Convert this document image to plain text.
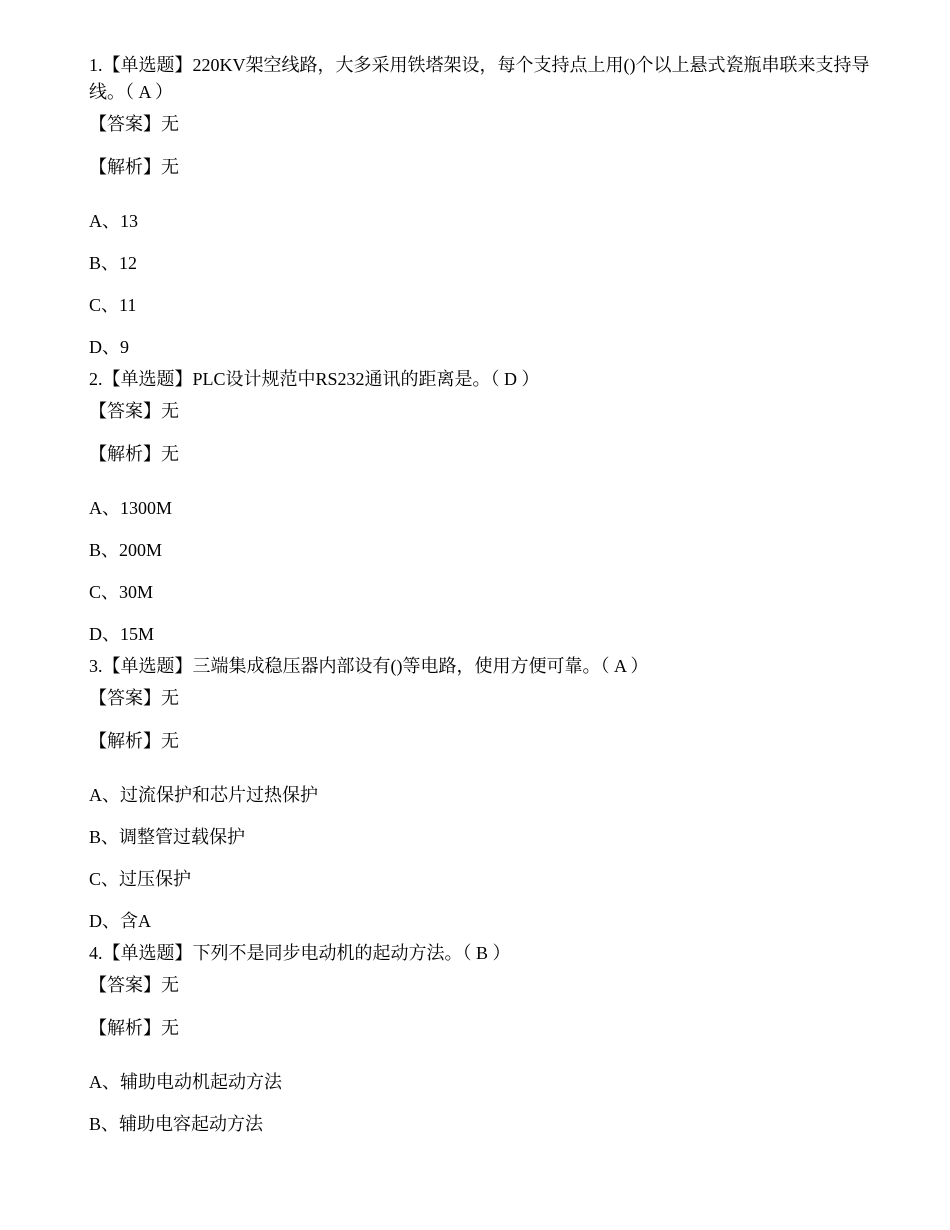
1.【单选题】220KV架空线路，大多采用铁塔架设，每个支持点上用()个以上悬式瓷瓶串联来支持导线。（ A ）
【答案】无
【解析】无
A、13
B、12
C、11
D、9
2.【单选题】PLC设计规范中RS232通讯的距离是。（ D ）
【答案】无
【解析】无
A、1300M
B、200M
C、30M
D、15M
3.【单选题】三端集成稳压器内部设有()等电路，使用方便可靠。（ A ）
【答案】无
【解析】无
A、过流保护和芯片过热保护
B、调整管过载保护
C、过压保护
D、含A
4.【单选题】下列不是同步电动机的起动方法。（ B ）
【答案】无
【解析】无
A、辅助电动机起动方法
B、辅助电容起动方法
